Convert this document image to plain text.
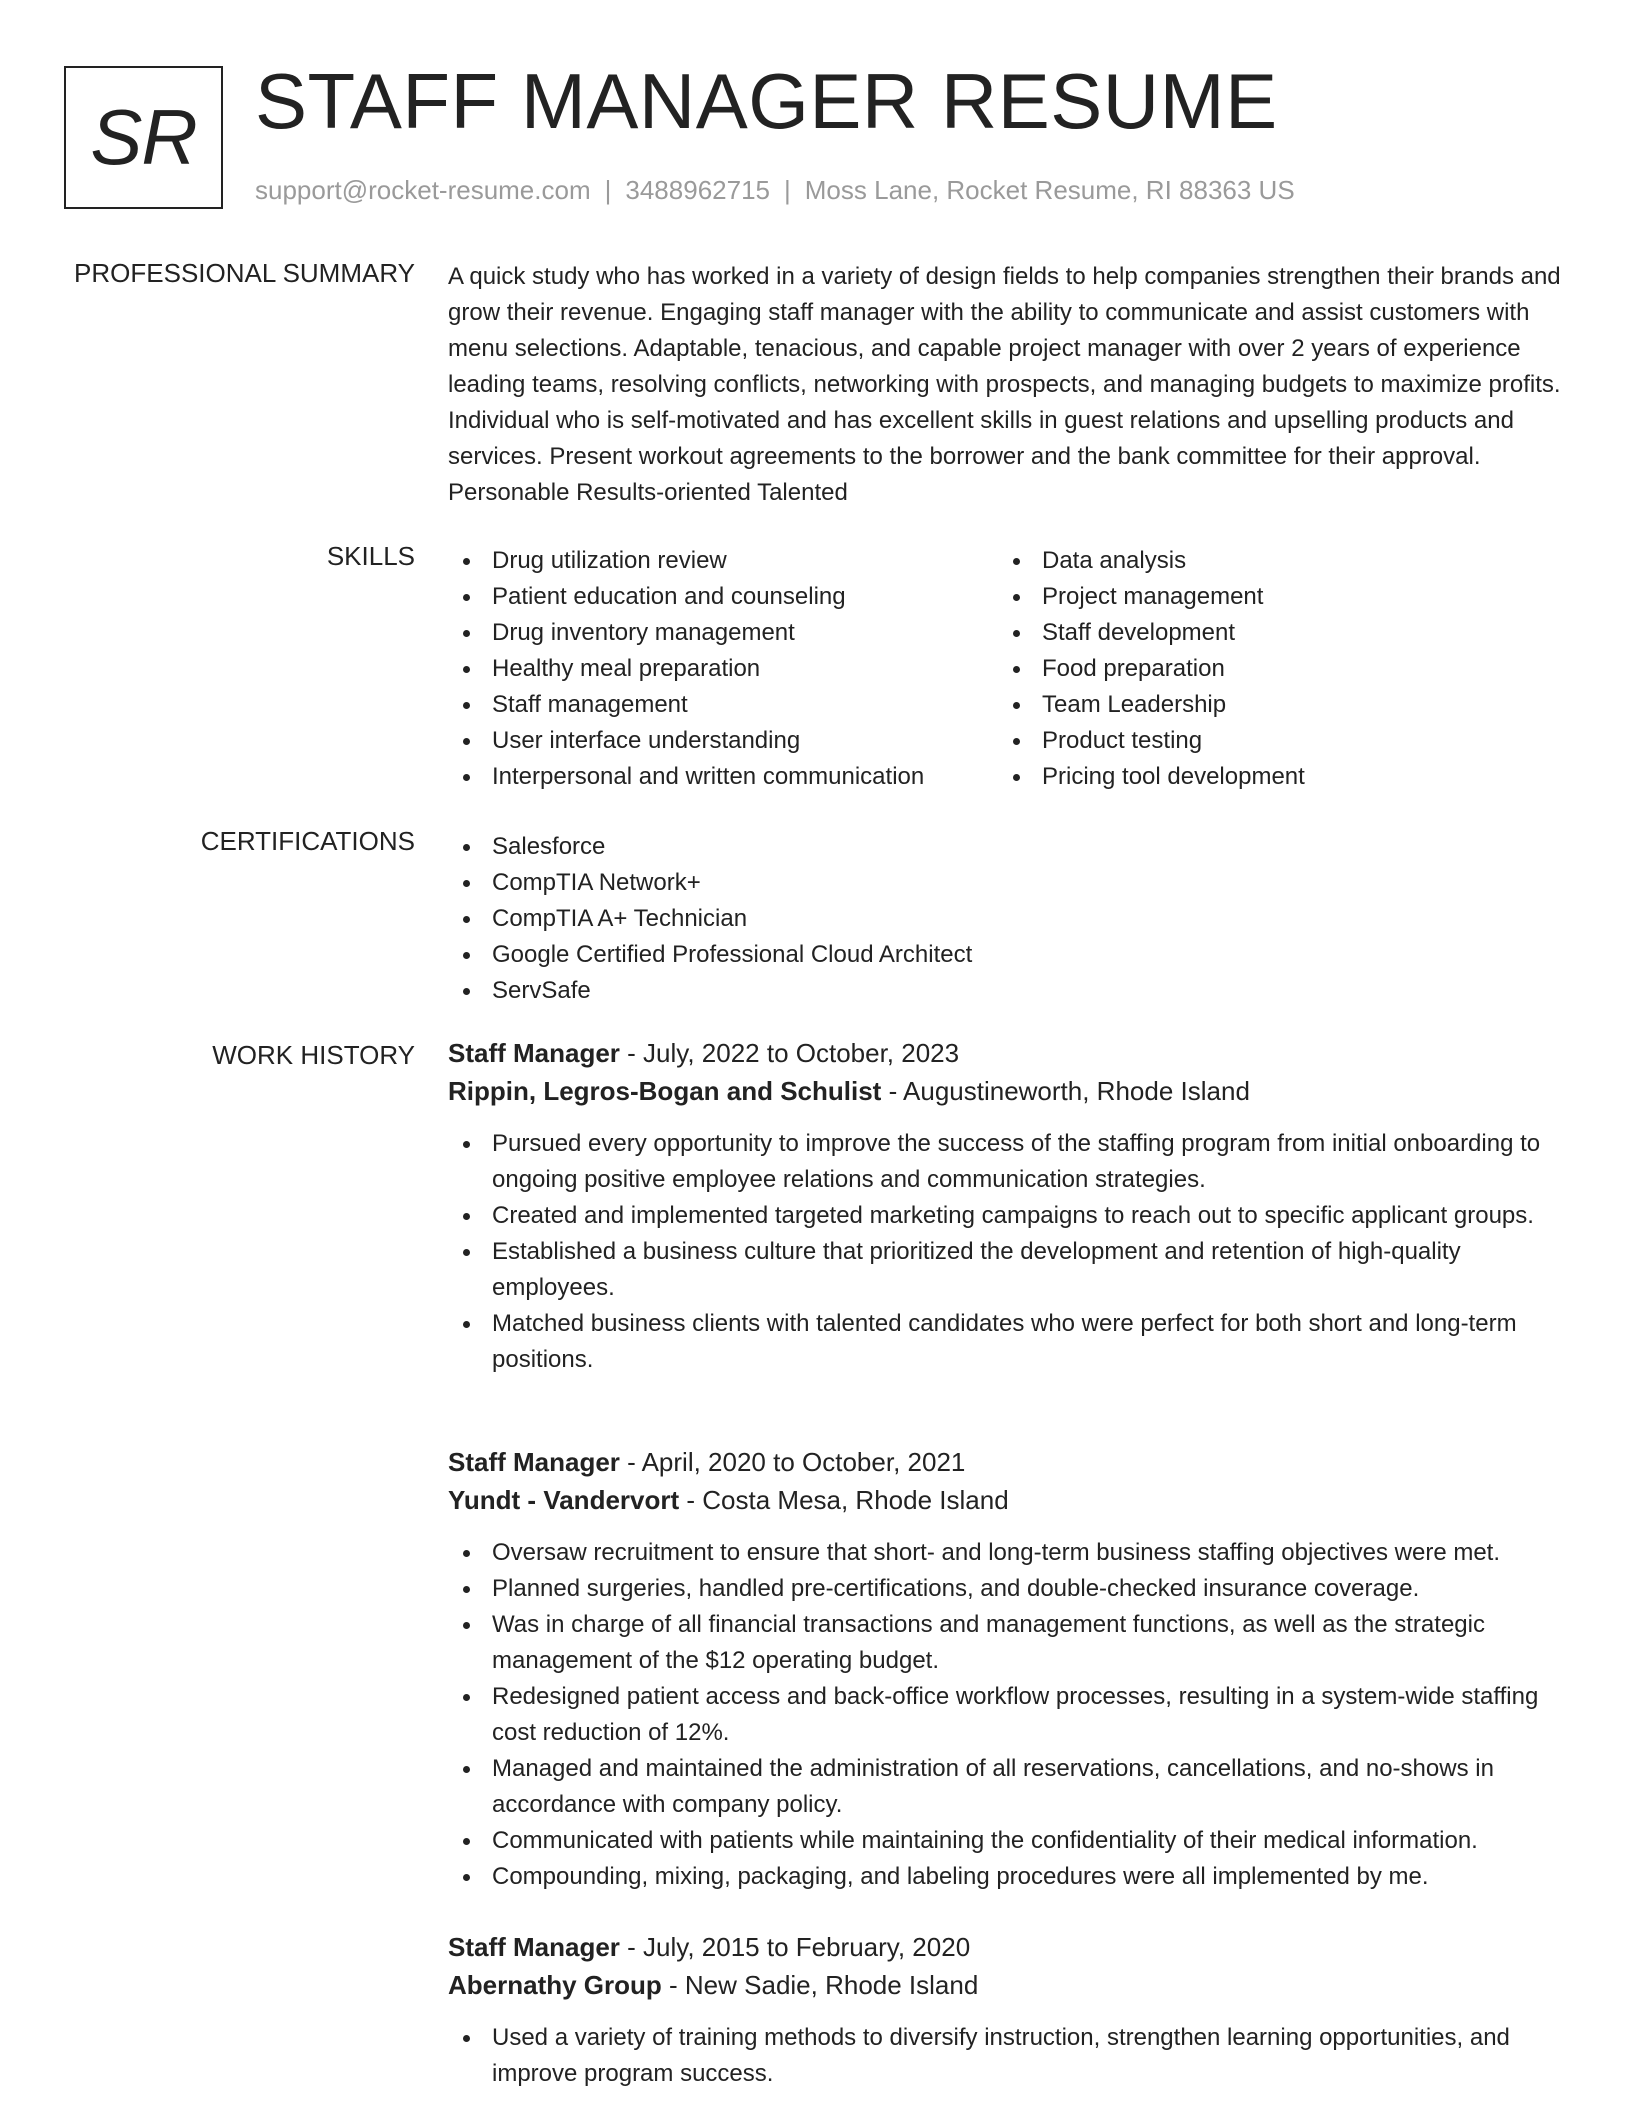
SR STAFF MANAGER RESUME
support@rocket-resume.com | 3488962715 | Moss Lane, Rocket Resume, RI 88363 US
PROFESSIONAL SUMMARY A quick study who has worked in a variety of design fields to help companies strengthen their brands and grow their revenue. Engaging staff manager with the ability to communicate and assist customers with menu selections. Adaptable, tenacious, and capable project manager with over 2 years of experience leading teams, resolving conflicts, networking with prospects, and managing budgets to maximize profits. Individual who is self-motivated and has excellent skills in guest relations and upselling products and services. Present workout agreements to the borrower and the bank committee for their approval. Personable Results-oriented Talented
SKILLS	Drug utilization review
Patient education and counseling
Drug inventory management
Healthy meal preparation
Staff management
User interface understanding
Interpersonal and written communication
Data analysis
Project management
Staff development
Food preparation
Team Leadership
Product testing
Pricing tool development
CERTIFICATIONS	Salesforce
CompTIA Network+
CompTIA A+ Technician
Google Certified Professional Cloud Architect
ServSafe
WORK HISTORY Staff Manager - July, 2022 to October, 2023
Rippin, Legros-Bogan and Schulist - Augustineworth, Rhode Island
Pursued every opportunity to improve the success of the staffing program from initial onboarding to ongoing positive employee relations and communication strategies.
Created and implemented targeted marketing campaigns to reach out to specific applicant groups.
Established a business culture that prioritized the development and retention of high-quality employees.
Matched business clients with talented candidates who were perfect for both short and long-term positions.
Staff Manager - April, 2020 to October, 2021
Yundt - Vandervort - Costa Mesa, Rhode Island
Oversaw recruitment to ensure that short- and long-term business staffing objectives were met.
Planned surgeries, handled pre-certifications, and double-checked insurance coverage.
Was in charge of all financial transactions and management functions, as well as the strategic management of the $12 operating budget.
Redesigned patient access and back-office workflow processes, resulting in a system-wide staffing cost reduction of 12%.
Managed and maintained the administration of all reservations, cancellations, and no-shows in accordance with company policy.
Communicated with patients while maintaining the confidentiality of their medical information.
Compounding, mixing, packaging, and labeling procedures were all implemented by me.
Staff Manager - July, 2015 to February, 2020
Abernathy Group - New Sadie, Rhode Island
Used a variety of training methods to diversify instruction, strengthen learning opportunities, and improve program success.
